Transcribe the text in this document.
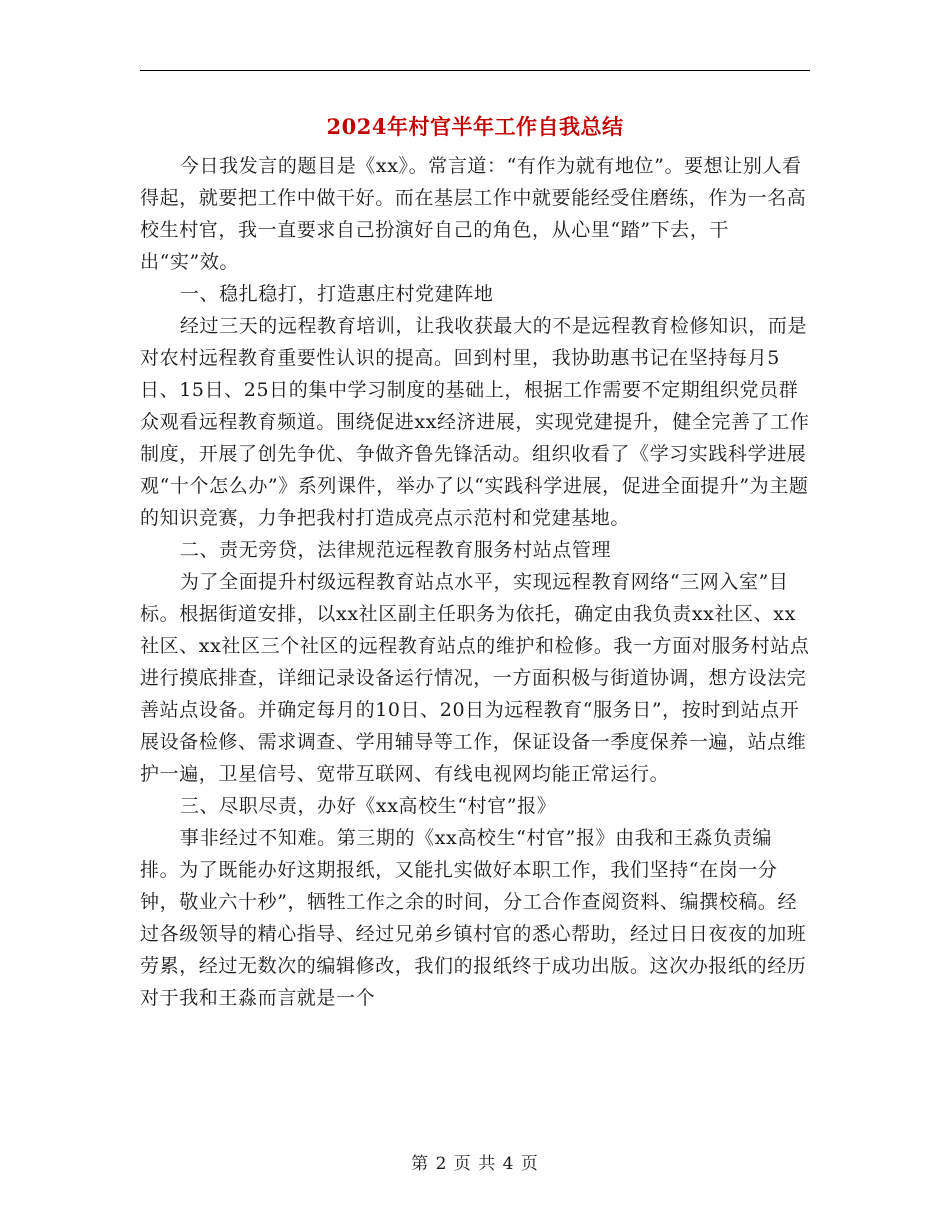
2024年村官半年工作自我总结

今日我发言的题目是《xx》。常言道：“有作为就有地位”。要想让别人看得起，就要把工作中做干好。而在基层工作中就要能经受住磨练，作为一名高校生村官，我一直要求自己扮演好自己的角色，从心里“踏”下去，干出“实”效。

一、稳扎稳打，打造惠庄村党建阵地

经过三天的远程教育培训，让我收获最大的不是远程教育检修知识，而是对农村远程教育重要性认识的提高。回到村里，我协助惠书记在坚持每月5日、15日、25日的集中学习制度的基础上，根据工作需要不定期组织党员群众观看远程教育频道。围绕促进xx经济进展，实现党建提升，健全完善了工作制度，开展了创先争优、争做齐鲁先锋活动。组织收看了《学习实践科学进展观“十个怎么办”》系列课件，举办了以“实践科学进展，促进全面提升”为主题的知识竞赛，力争把我村打造成亮点示范村和党建基地。

二、责无旁贷，法律规范远程教育服务村站点管理

为了全面提升村级远程教育站点水平，实现远程教育网络“三网入室”目标。根据街道安排，以xx社区副主任职务为依托，确定由我负责xx社区、xx社区、xx社区三个社区的远程教育站点的维护和检修。我一方面对服务村站点进行摸底排查，详细记录设备运行情况，一方面积极与街道协调，想方设法完善站点设备。并确定每月的10日、20日为远程教育“服务日”，按时到站点开展设备检修、需求调查、学用辅导等工作，保证设备一季度保养一遍，站点维护一遍，卫星信号、宽带互联网、有线电视网均能正常运行。

三、尽职尽责，办好《xx高校生“村官”报》

事非经过不知难。第三期的《xx高校生“村官”报》由我和王淼负责编排。为了既能办好这期报纸，又能扎实做好本职工作，我们坚持“在岗一分钟，敬业六十秒”，牺牲工作之余的时间，分工合作查阅资料、编撰校稿。经过各级领导的精心指导、经过兄弟乡镇村官的悉心帮助，经过日日夜夜的加班劳累，经过无数次的编辑修改，我们的报纸终于成功出版。这次办报纸的经历对于我和王淼而言就是一个

第 2 页 共 4 页
